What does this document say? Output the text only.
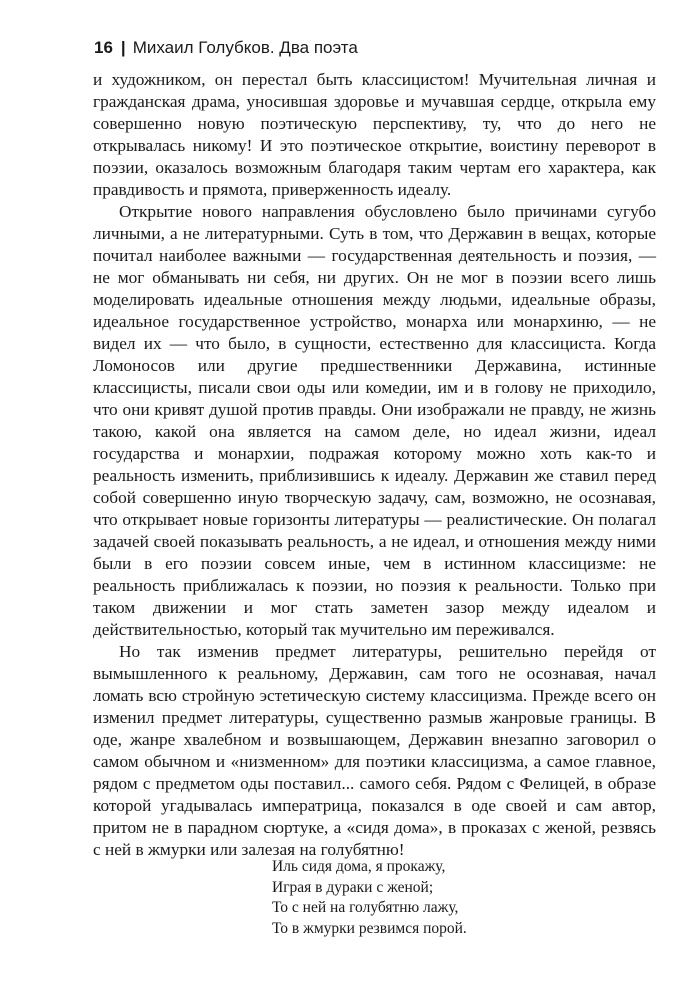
16 | Михаил Голубков. Два поэта

и художником, он перестал быть классицистом! Мучительная личная и гражданская драма, уносившая здоровье и мучавшая сердце, открыла ему совершенно новую поэтическую перспективу, ту, что до него не открывалась никому! И это поэтическое открытие, воистину переворот в поэзии, оказалось возможным благодаря таким чертам его характера, как правдивость и прямота, приверженность идеалу.

Открытие нового направления обусловлено было причинами сугубо личными, а не литературными. Суть в том, что Державин в вещах, которые почитал наиболее важными — государственная деятельность и поэзия, — не мог обманывать ни себя, ни других. Он не мог в поэзии всего лишь моделировать идеальные отношения между людьми, идеальные образы, идеальное государственное устройство, монарха или монархиню, — не видел их — что было, в сущности, естественно для классициста. Когда Ломоносов или другие предшественники Державина, истинные классицисты, писали свои оды или комедии, им и в голову не приходило, что они кривят душой против правды. Они изображали не правду, не жизнь такою, какой она является на самом деле, но идеал жизни, идеал государства и монархии, подражая которому можно хоть как-то и реальность изменить, приблизившись к идеалу. Державин же ставил перед собой совершенно иную творческую задачу, сам, возможно, не осознавая, что открывает новые горизонты литературы — реалистические. Он полагал задачей своей показывать реальность, а не идеал, и отношения между ними были в его поэзии совсем иные, чем в истинном классицизме: не реальность приближалась к поэзии, но поэзия к реальности. Только при таком движении и мог стать заметен зазор между идеалом и действительностью, который так мучительно им переживался.

Но так изменив предмет литературы, решительно перейдя от вымышленного к реальному, Державин, сам того не осознавая, начал ломать всю стройную эстетическую систему классицизма. Прежде всего он изменил предмет литературы, существенно размыв жанровые границы. В оде, жанре хвалебном и возвышающем, Державин внезапно заговорил о самом обычном и «низменном» для поэтики классицизма, а самое главное, рядом с предметом оды поставил... самого себя. Рядом с Фелицей, в образе которой угадывалась императрица, показался в оде своей и сам автор, притом не в парадном сюртуке, а «сидя дома», в проказах с женой, резвясь с ней в жмурки или залезая на голубятню!

Иль сидя дома, я прокажу,
Играя в дураки с женой;
То с ней на голубятню лажу,
То в жмурки резвимся порой.
